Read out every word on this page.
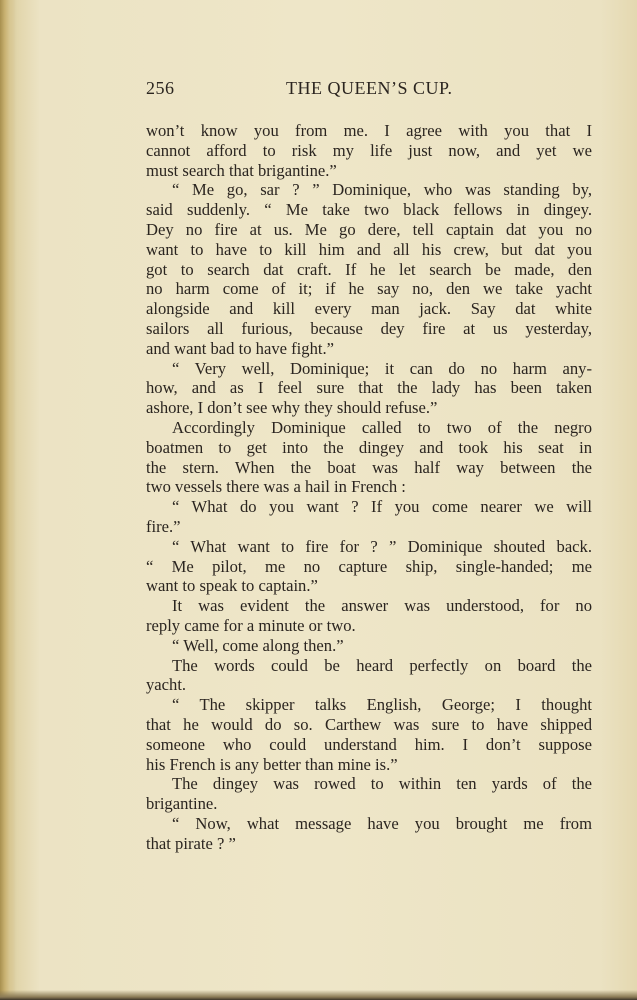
256	THE QUEEN’S CUP.
won’t know you from me. I agree with you that I
cannot afford to risk my life just now, and yet we
must search that brigantine.”
“ Me go, sar ? ” Dominique, who was standing by,
said suddenly. “ Me take two black fellows in dingey.
Dey no fire at us. Me go dere, tell captain dat you no
want to have to kill him and all his crew, but dat you
got to search dat craft. If he let search be made, den
no harm come of it; if he say no, den we take yacht
alongside and kill every man jack. Say dat white
sailors all furious, because dey fire at us yesterday,
and want bad to have fight.”
“ Very well, Dominique; it can do no harm any-
how, and as I feel sure that the lady has been taken
ashore, I don’t see why they should refuse.”
Accordingly Dominique called to two of the negro
boatmen to get into the dingey and took his seat in
the stern. When the boat was half way between the
two vessels there was a hail in French :
“ What do you want ? If you come nearer we will
fire.”
“ What want to fire for ? ” Dominique shouted back.
“ Me pilot, me no capture ship, single-handed; me
want to speak to captain.”
It was evident the answer was understood, for no
reply came for a minute or two.
“ Well, come along then.”
The words could be heard perfectly on board the
yacht.
“ The skipper talks English, George; I thought
that he would do so. Carthew was sure to have shipped
someone who could understand him. I don’t suppose
his French is any better than mine is.”
The dingey was rowed to within ten yards of the
brigantine.
“ Now, what message have you brought me from
that pirate ? ”
